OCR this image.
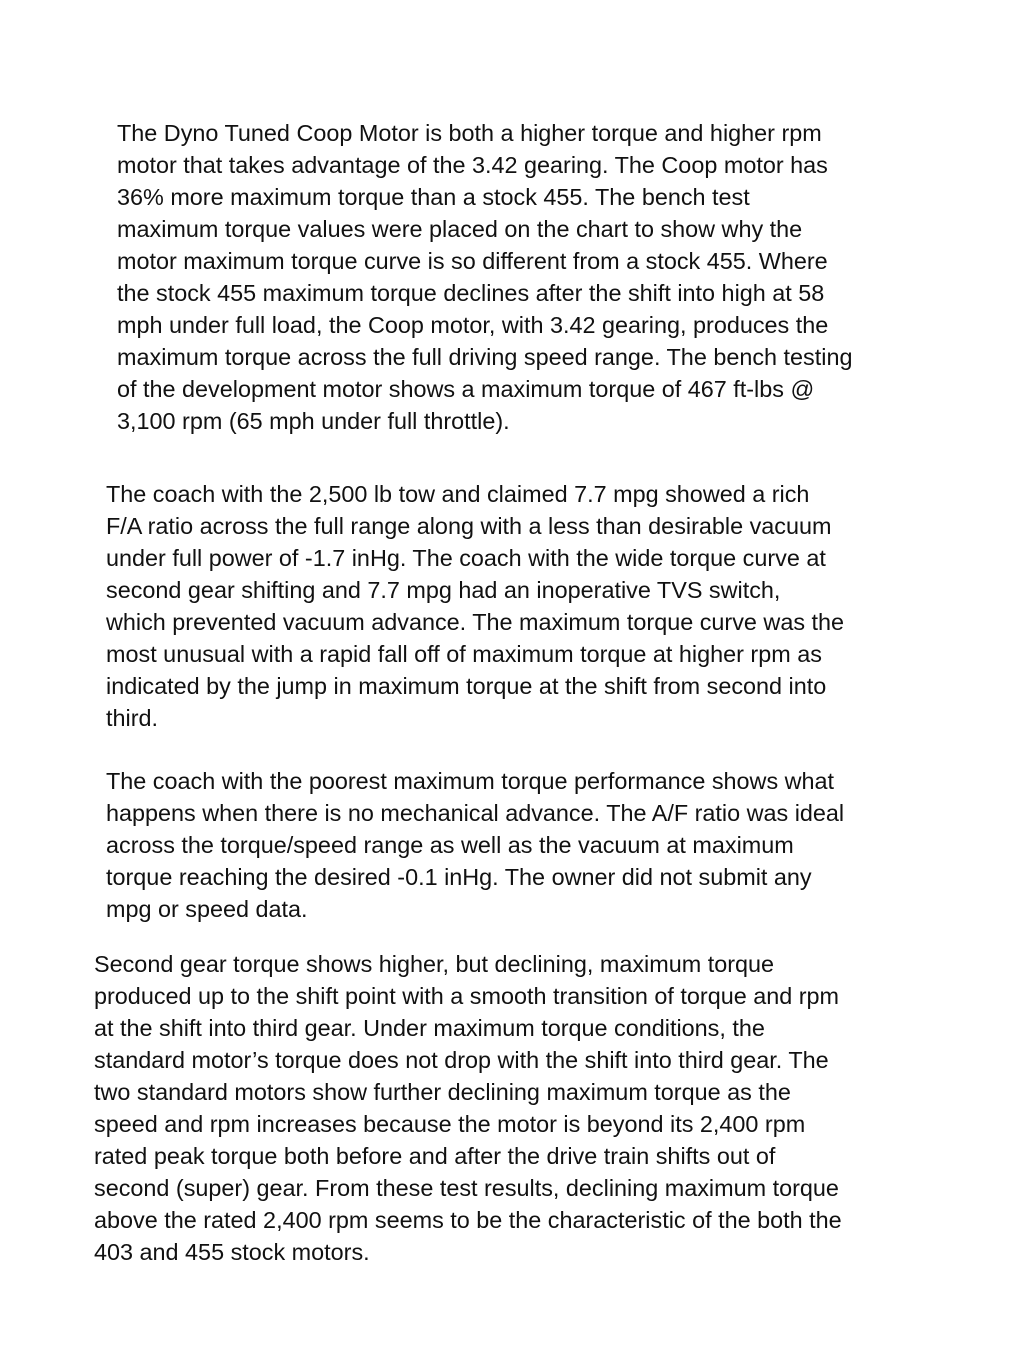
The Dyno Tuned Coop Motor is both a higher torque and higher rpm
motor that takes advantage of the 3.42 gearing. The Coop motor has
36% more maximum torque than a stock 455. The bench test
maximum torque values were placed on the chart to show why the
motor maximum torque curve is so different from a stock 455. Where
the stock 455 maximum torque declines after the shift into high at 58
mph under full load, the Coop motor, with 3.42 gearing, produces the
maximum torque across the full driving speed range. The bench testing
of the development motor shows a maximum torque of 467 ft-lbs @
3,100 rpm (65 mph under full throttle).

The coach with the 2,500 lb tow and claimed 7.7 mpg showed a rich
F/A ratio across the full range along with a less than desirable vacuum
under full power of -1.7 inHg. The coach with the wide torque curve at
second gear shifting and 7.7 mpg had an inoperative TVS switch,
which prevented vacuum advance. The maximum torque curve was the
most unusual with a rapid fall off of maximum torque at higher rpm as
indicated by the jump in maximum torque at the shift from second into
third.

The coach with the poorest maximum torque performance shows what
happens when there is no mechanical advance. The A/F ratio was ideal
across the torque/speed range as well as the vacuum at maximum
torque reaching the desired -0.1 inHg. The owner did not submit any
mpg or speed data.

Second gear torque shows higher, but declining, maximum torque
produced up to the shift point with a smooth transition of torque and rpm
at the shift into third gear. Under maximum torque conditions, the
standard motor’s torque does not drop with the shift into third gear. The
two standard motors show further declining maximum torque as the
speed and rpm increases because the motor is beyond its 2,400 rpm
rated peak torque both before and after the drive train shifts out of
second (super) gear. From these test results, declining maximum torque
above the rated 2,400 rpm seems to be the characteristic of the both the
403 and 455 stock motors.
